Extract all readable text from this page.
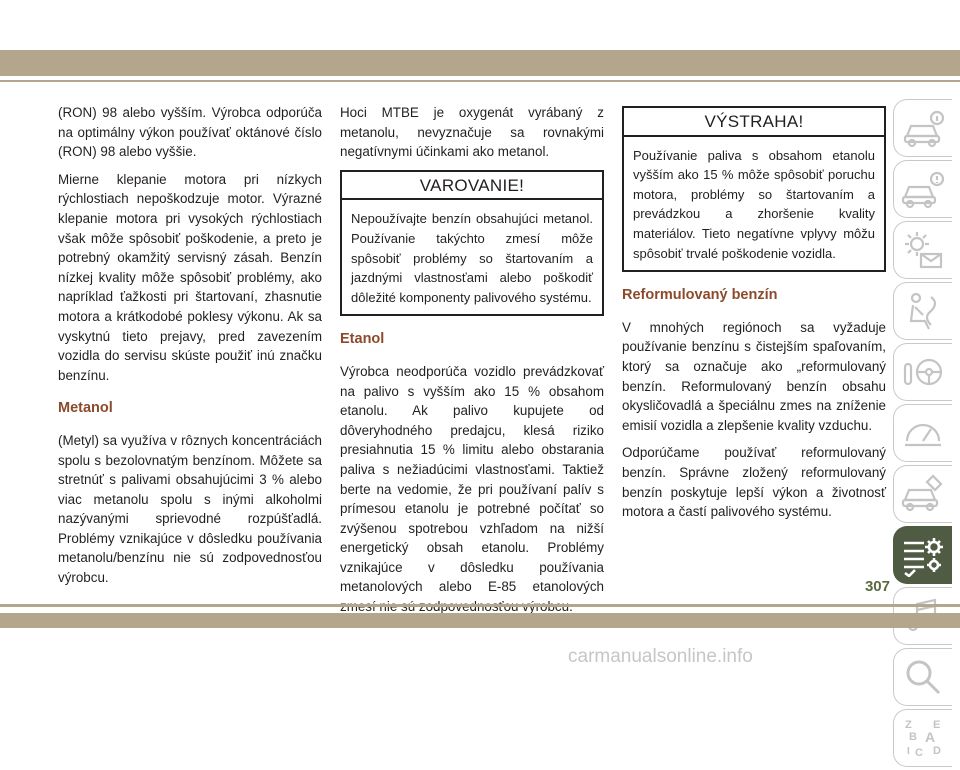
(RON) 98 alebo vyšším. Výrobca odporúča na optimálny výkon používať oktánové číslo (RON) 98 alebo vyššie.

Mierne klepanie motora pri nízkych rýchlostiach nepoškodzuje motor. Výrazné klepanie motora pri vysokých rýchlostiach však môže spôsobiť poškodenie, a preto je potrebný okamžitý servisný zásah. Benzín nízkej kvality môže spôsobiť problémy, ako napríklad ťažkosti pri štartovaní, zhasnutie motora a krátkodobé poklesy výkonu. Ak sa vyskytnú tieto prejavy, pred zavezením vozidla do servisu skúste použiť inú značku benzínu.

Metanol

(Metyl) sa využíva v rôznych koncentráciách spolu s bezolovnatým benzínom. Môžete sa stretnúť s palivami obsahujúcimi 3 % alebo viac metanolu spolu s inými alkoholmi nazývanými sprievodné rozpúšťadlá. Problémy vznikajúce v dôsledku používania metanolu/benzínu nie sú zodpovednosťou výrobcu.

Hoci MTBE je oxygenát vyrábaný z metanolu, nevyznačuje sa rovnakými negatívnymi účinkami ako metanol.

VAROVANIE!
Nepoužívajte benzín obsahujúci metanol. Používanie takýchto zmesí môže spôsobiť problémy so štartovaním a jazdnými vlastnosťami alebo poškodiť dôležité komponenty palivového systému.
Etanol

Výrobca neodporúča vozidlo prevádzkovať na palivo s vyšším ako 15 % obsahom etanolu. Ak palivo kupujete od dôveryhodného predajcu, klesá riziko presiahnutia 15 % limitu alebo obstarania paliva s nežiadúcimi vlastnosťami. Taktiež berte na vedomie, že pri používaní palív s prímesou etanolu je potrebné počítať so zvýšenou spotrebou vzhľadom na nižší energetický obsah etanolu. Problémy vznikajúce v dôsledku používania metanolových alebo E-85 etanolových

VÝSTRAHA!
Používanie paliva s obsahom etanolu vyšším ako 15 % môže spôsobiť poruchu motora, problémy so štartovaním a prevádzkou a zhoršenie kvality materiálov. Tieto negatívne vplyvy môžu spôsobiť trvalé poškodenie vozidla.
Reformulovaný benzín

V mnohých regiónoch sa vyžaduje používanie benzínu s čistejším spaľovaním, ktorý sa označuje ako „reformulovaný benzín. Reformulovaný benzín obsahu okysličovadlá a špeciálnu zmes na zníženie emisií vozidla a zlepšenie kvality vzduchu.

Odporúčame používať reformulovaný benzín. Správne zložený reformulovaný benzín poskytuje lepší výkon a životnosť motora a častí palivového systému.

Z E
B A
I C D
307
carmanualsonline.info
